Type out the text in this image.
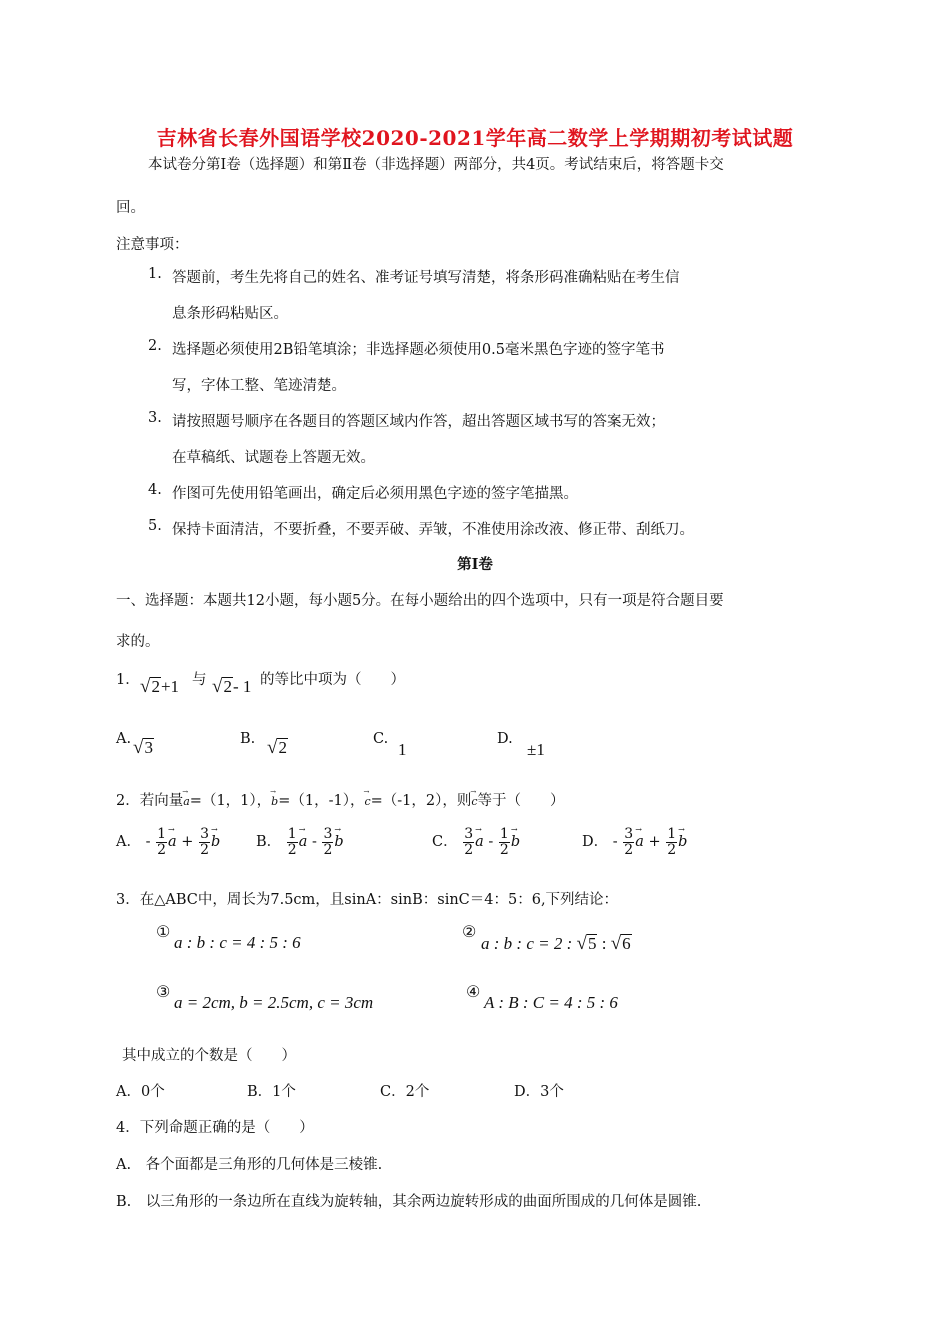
吉林省长春外国语学校2020-2021学年高二数学上学期期初考试试题
本试卷分第Ⅰ卷（选择题）和第Ⅱ卷（非选择题）两部分，共4页。考试结束后，将答题卡交
回。
注意事项：
1. 答题前，考生先将自己的姓名、准考证号填写清楚，将条形码准确粘贴在考生信
息条形码粘贴区。
2. 选择题必须使用2B铅笔填涂；非选择题必须使用0.5毫米黑色字迹的签字笔书
写，字体工整、笔迹清楚。
3. 请按照题号顺序在各题目的答题区域内作答，超出答题区域书写的答案无效；
在草稿纸、试题卷上答题无效。
4. 作图可先使用铅笔画出，确定后必须用黑色字迹的签字笔描黑。
5. 保持卡面清洁，不要折叠，不要弄破、弄皱，不准使用涂改液、修正带、刮纸刀。
第Ⅰ卷
一、选择题：本题共12小题，每小题5分。在每小题给出的四个选项中，只有一项是符合题目要
求的。
1． √2+1 与 √2- 1 的等比中项为（　　）
A. √3	B. √2	C.
1
D.
±1
2．若向量→ a=（1，1），→ b=（1，-1），→ c=（-1，2），则→ c等于（　　）
A． - $\frac{1}{2}$
→ $a + \frac{3}{2}$
→ b B． $\frac{1}{2}$
→ a - $\frac{3}{2}$
→ b	C． $\frac{3}{2}$
→ a - $\frac{1}{2}$
→ b	D． - $\frac{3}{2}$
→ $a + \frac{1}{2}$
→ b
3．在△ABC中，周长为7.5cm，且sinA：sinB：sinC＝4：5：6,下列结论：
①
a : b : c = 4 : 5 : 6
②
a : b : c = 2 : √5 : √6
③
a = 2cm, b = 2.5cm, c = 3cm
④
A : B : C = 4 : 5 : 6
其中成立的个数是（　　）
A．0个	B．1个	C．2个	D．3个
4．下列命题正确的是（　　）
A.　各个面都是三角形的几何体是三棱锥.
B.　以三角形的一条边所在直线为旋转轴，其余两边旋转形成的曲面所围成的几何体是圆锥.
